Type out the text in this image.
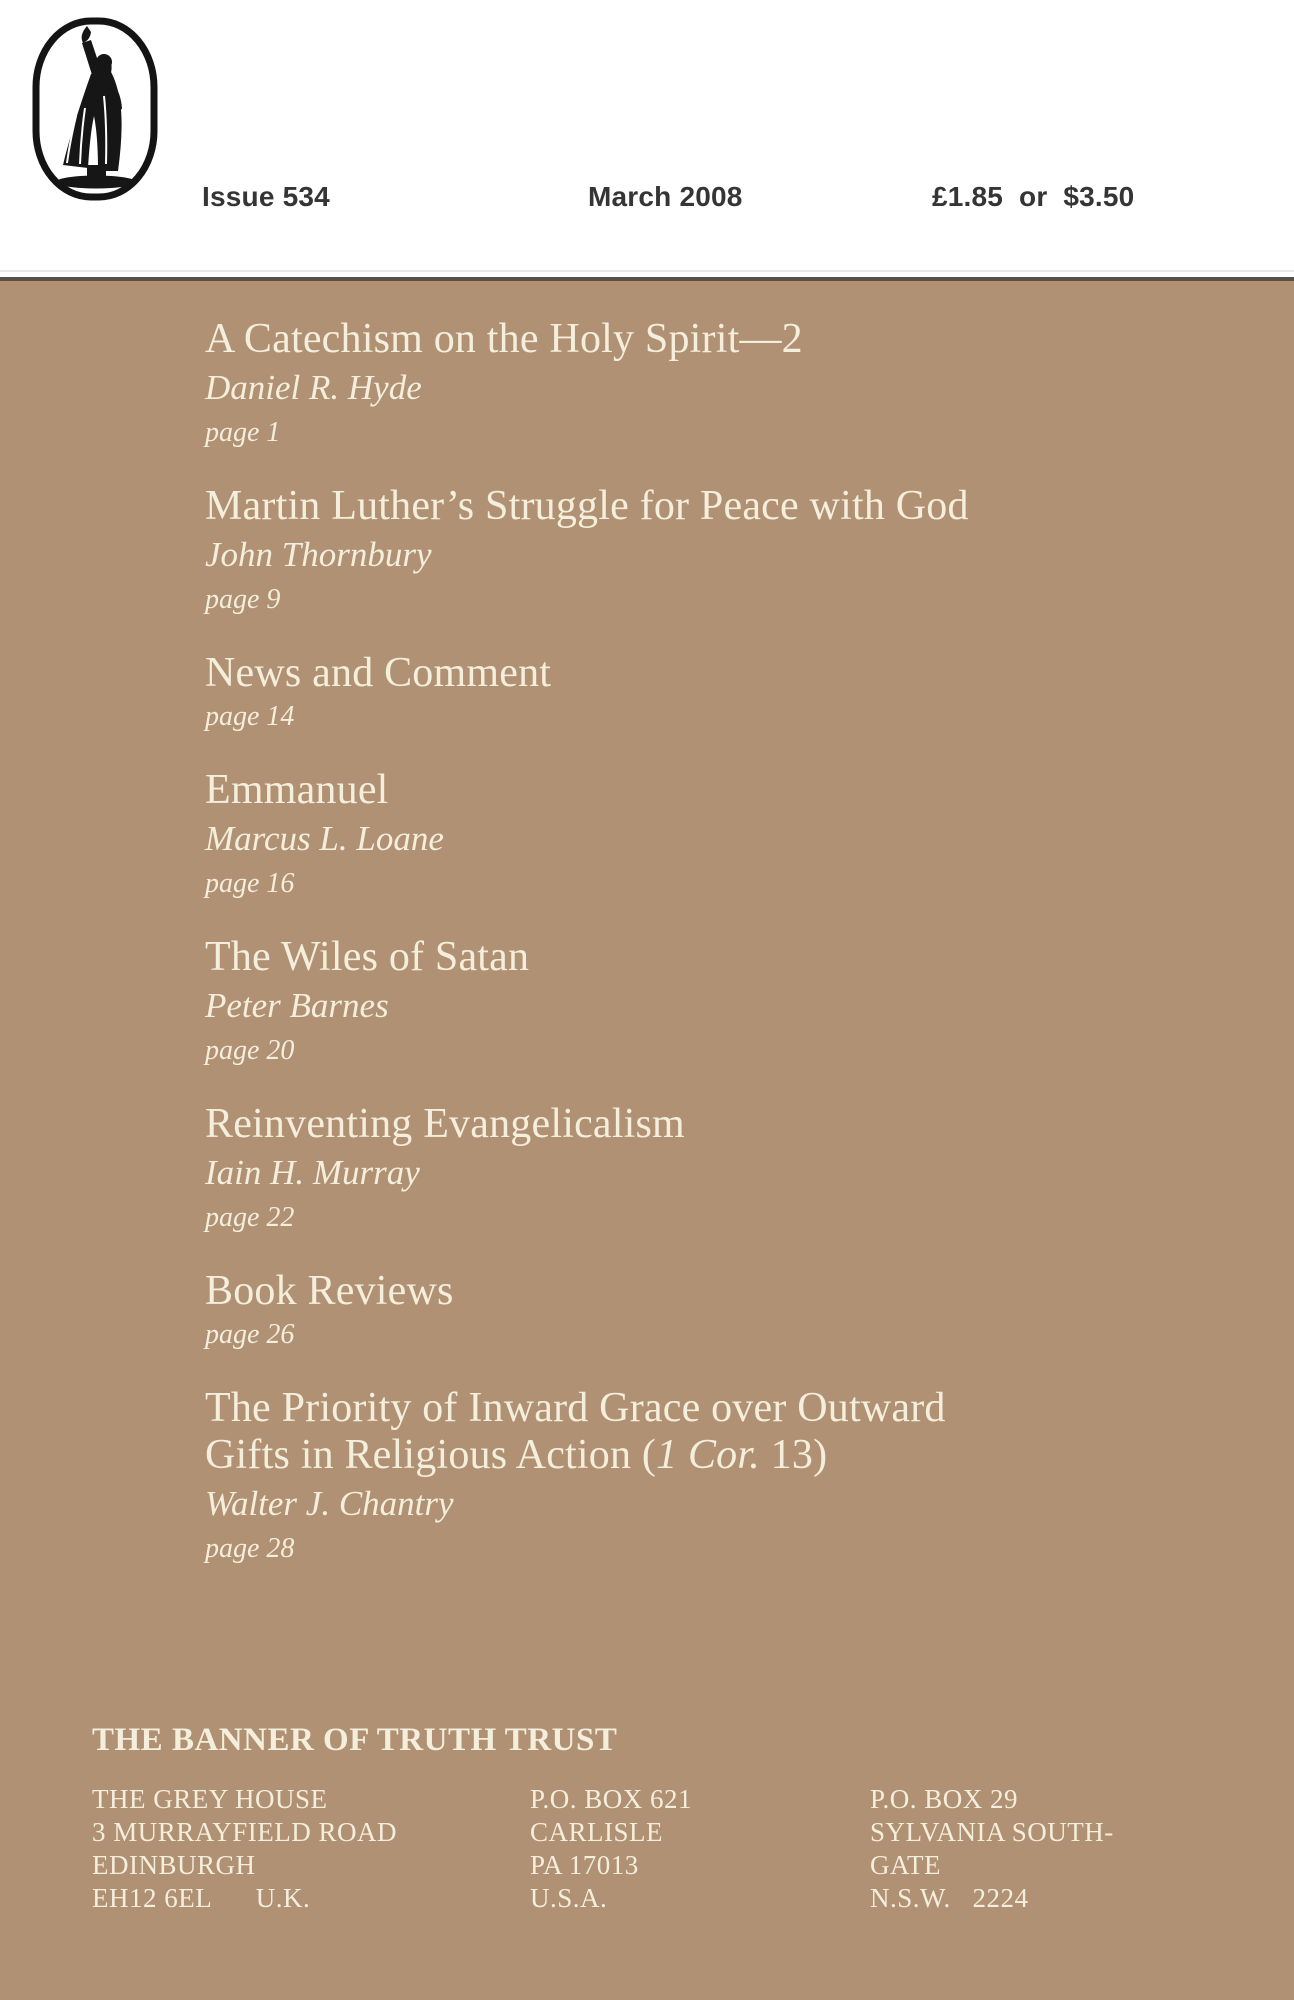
Issue 534	March 2008	£1.85  or  $3.50
A Catechism on the Holy Spirit—2

Daniel R. Hyde

page 1

Martin Luther’s Struggle for Peace with God

John Thornbury

page 9

News and Comment

page 14

Emmanuel

Marcus L. Loane

page 16

The Wiles of Satan

Peter Barnes

page 20

Reinventing Evangelicalism

Iain H. Murray

page 22

Book Reviews

page 26

The Priority of Inward Grace over Outward
Gifts in Religious Action (1 Cor. 13)

Walter J. Chantry

page 28

THE BANNER OF TRUTH TRUST

THE GREY HOUSE

3 MURRAYFIELD ROAD

EDINBURGH

EH12 6EL      U.K.

P.O. BOX 621

CARLISLE

PA 17013

U.S.A.

P.O. BOX 29

SYLVANIA SOUTH-

GATE

N.S.W.   2224
